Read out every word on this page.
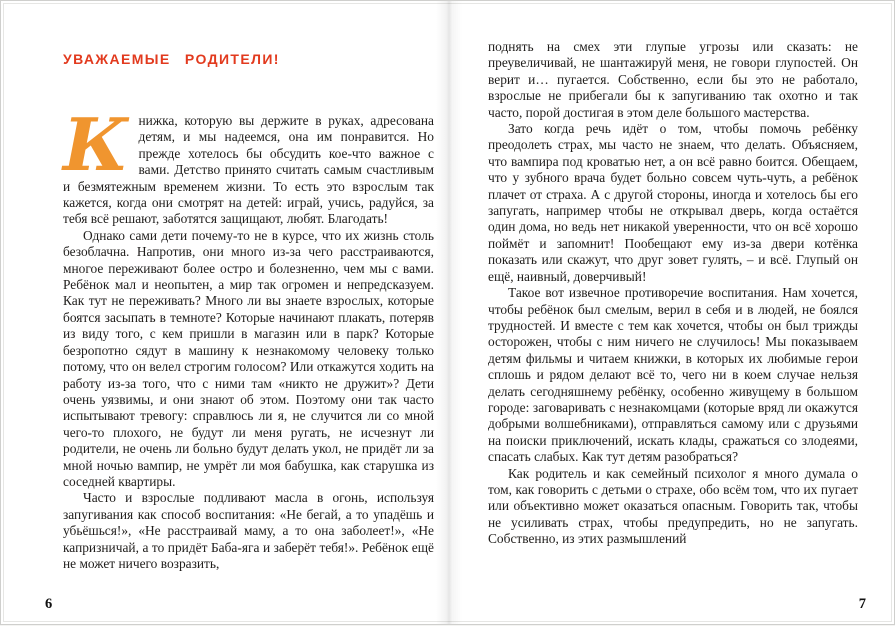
УВАЖАЕМЫЕ РОДИТЕЛИ!

Книжка, которую вы держите в руках, адресована детям, и мы надеемся, она им понравится. Но прежде хотелось бы обсудить кое-что важное с вами. Детство принято считать самым счастливым и безмятежным временем жизни. То есть это взрослым так кажется, когда они смотрят на детей: играй, учись, радуйся, за тебя всё решают, заботятся защищают, любят. Благодать!

Однако сами дети почему-то не в курсе, что их жизнь столь безоблачна. Напротив, они много из-за чего расстраиваются, многое переживают более остро и болезненно, чем мы с вами. Ребёнок мал и неопытен, а мир так огромен и непредсказуем. Как тут не переживать? Много ли вы знаете взрослых, которые боятся засыпать в темноте? Которые начинают плакать, потеряв из виду того, с кем пришли в магазин или в парк? Которые безропотно сядут в машину к незнакомому человеку только потому, что он велел строгим голосом? Или откажутся ходить на работу из-за того, что с ними там «никто не дружит»? Дети очень уязвимы, и они знают об этом. Поэтому они так часто испытывают тревогу: справлюсь ли я, не случится ли со мной чего-то плохого, не будут ли меня ругать, не исчезнут ли родители, не очень ли больно будут делать укол, не придёт ли за мной ночью вампир, не умрёт ли моя бабушка, как старушка из соседней квартиры.

Часто и взрослые подливают масла в огонь, используя запугивания как способ воспитания: «Не бегай, а то упадёшь и убьёшься!», «Не расстраивай маму, а то она заболеет!», «Не капризничай, а то придёт Баба-яга и заберёт тебя!». Ребёнок ещё не может ничего возразить,

6

поднять на смех эти глупые угрозы или сказать: не преувеличивай, не шантажируй меня, не говори глупостей. Он верит и… пугается. Собственно, если бы это не работало, взрослые не прибегали бы к запугиванию так охотно и так часто, порой достигая в этом деле большого мастерства.

Зато когда речь идёт о том, чтобы помочь ребёнку преодолеть страх, мы часто не знаем, что делать. Объясняем, что вампира под кроватью нет, а он всё равно боится. Обещаем, что у зубного врача будет больно совсем чуть-чуть, а ребёнок плачет от страха. А с другой стороны, иногда и хотелось бы его запугать, например чтобы не открывал дверь, когда остаётся один дома, но ведь нет никакой уверенности, что он всё хорошо поймёт и запомнит! Пообещают ему из-за двери котёнка показать или скажут, что друг зовет гулять, – и всё. Глупый он ещё, наивный, доверчивый!

Такое вот извечное противоречие воспитания. Нам хочется, чтобы ребёнок был смелым, верил в себя и в людей, не боялся трудностей. И вместе с тем как хочется, чтобы он был трижды осторожен, чтобы с ним ничего не случилось! Мы показываем детям фильмы и читаем книжки, в которых их любимые герои сплошь и рядом делают всё то, чего ни в коем случае нельзя делать сегодняшнему ребёнку, особенно живущему в большом городе: заговаривать с незнакомцами (которые вряд ли окажутся добрыми волшебниками), отправляться самому или с друзьями на поиски приключений, искать клады, сражаться со злодеями, спасать слабых. Как тут детям разобраться?

Как родитель и как семейный психолог я много думала о том, как говорить с детьми о страхе, обо всём том, что их пугает или объективно может оказаться опасным. Говорить так, чтобы не усиливать страх, чтобы предупредить, но не запугать. Собственно, из этих размышлений

7
